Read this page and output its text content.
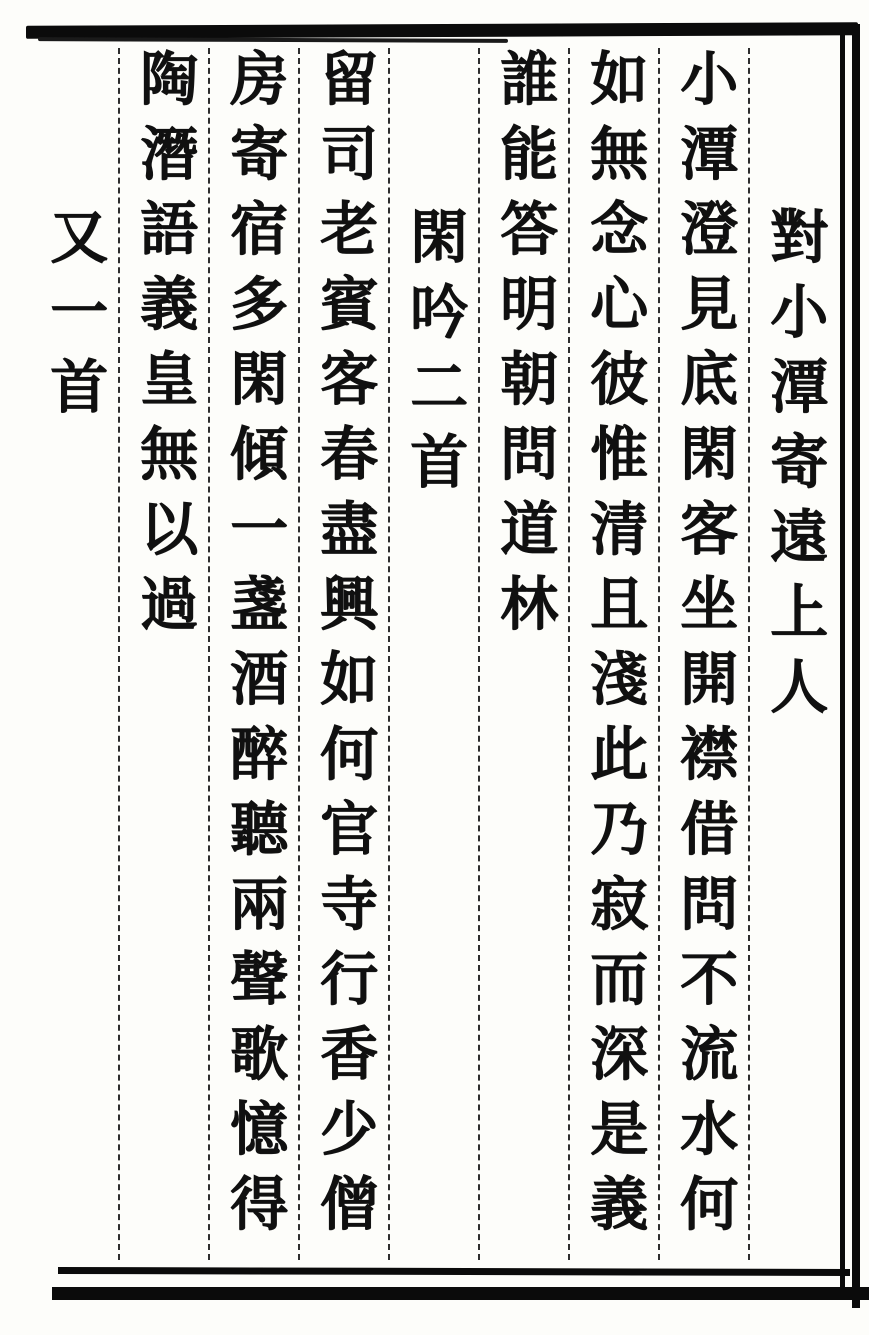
對小潭寄遠上人
小潭澄見底閑客坐開襟借問不流水何
如無念心彼惟清且淺此乃寂而深是義
誰能答明朝問道林
閑吟二首
留司老賓客春盡興如何官寺行香少僧
房寄宿多閑傾一盞酒醉聽兩聲歌憶得
陶潛語義皇無以過
又一首
